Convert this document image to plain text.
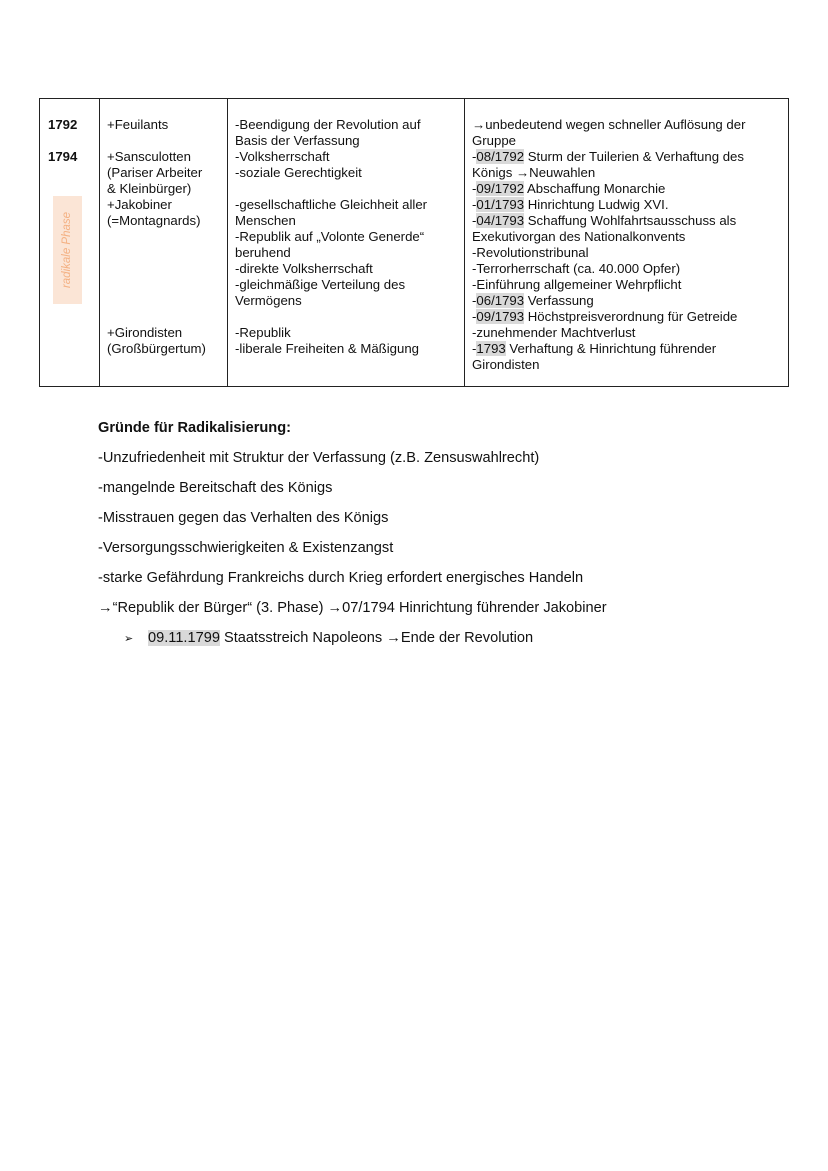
1792
1794
radikale Phase
+Feuilants
+Sansculotten
(Pariser Arbeiter
& Kleinbürger)
+Jakobiner
(=Montagnards)
+Girondisten
(Großbürgertum)
-Beendigung der Revolution auf
Basis der Verfassung
-Volksherrschaft
-soziale Gerechtigkeit
-gesellschaftliche Gleichheit aller
Menschen
-Republik auf „Volonte Generde“
beruhend
-direkte Volksherrschaft
-gleichmäßige Verteilung des
Vermögens
-Republik
-liberale Freiheiten & Mäßigung
→unbedeutend wegen schneller Auflösung der
Gruppe
-08/1792 Sturm der Tuilerien & Verhaftung des
Königs →Neuwahlen
-09/1792 Abschaffung Monarchie
-01/1793 Hinrichtung Ludwig XVI.
-04/1793 Schaffung Wohlfahrtsausschuss als
Exekutivorgan des Nationalkonvents
-Revolutionstribunal
-Terrorherrschaft (ca. 40.000 Opfer)
-Einführung allgemeiner Wehrpflicht
-06/1793 Verfassung
-09/1793 Höchstpreisverordnung für Getreide
-zunehmender Machtverlust
-1793 Verhaftung & Hinrichtung führender
Girondisten
Gründe für Radikalisierung:
-Unzufriedenheit mit Struktur der Verfassung (z.B. Zensuswahlrecht)
-mangelnde Bereitschaft des Königs
-Misstrauen gegen das Verhalten des Königs
-Versorgungsschwierigkeiten & Existenzangst
-starke Gefährdung Frankreichs durch Krieg erfordert energisches Handeln
→“Republik der Bürger“ (3. Phase) →07/1794 Hinrichtung führender Jakobiner
➢ 09.11.1799 Staatsstreich Napoleons →Ende der Revolution
